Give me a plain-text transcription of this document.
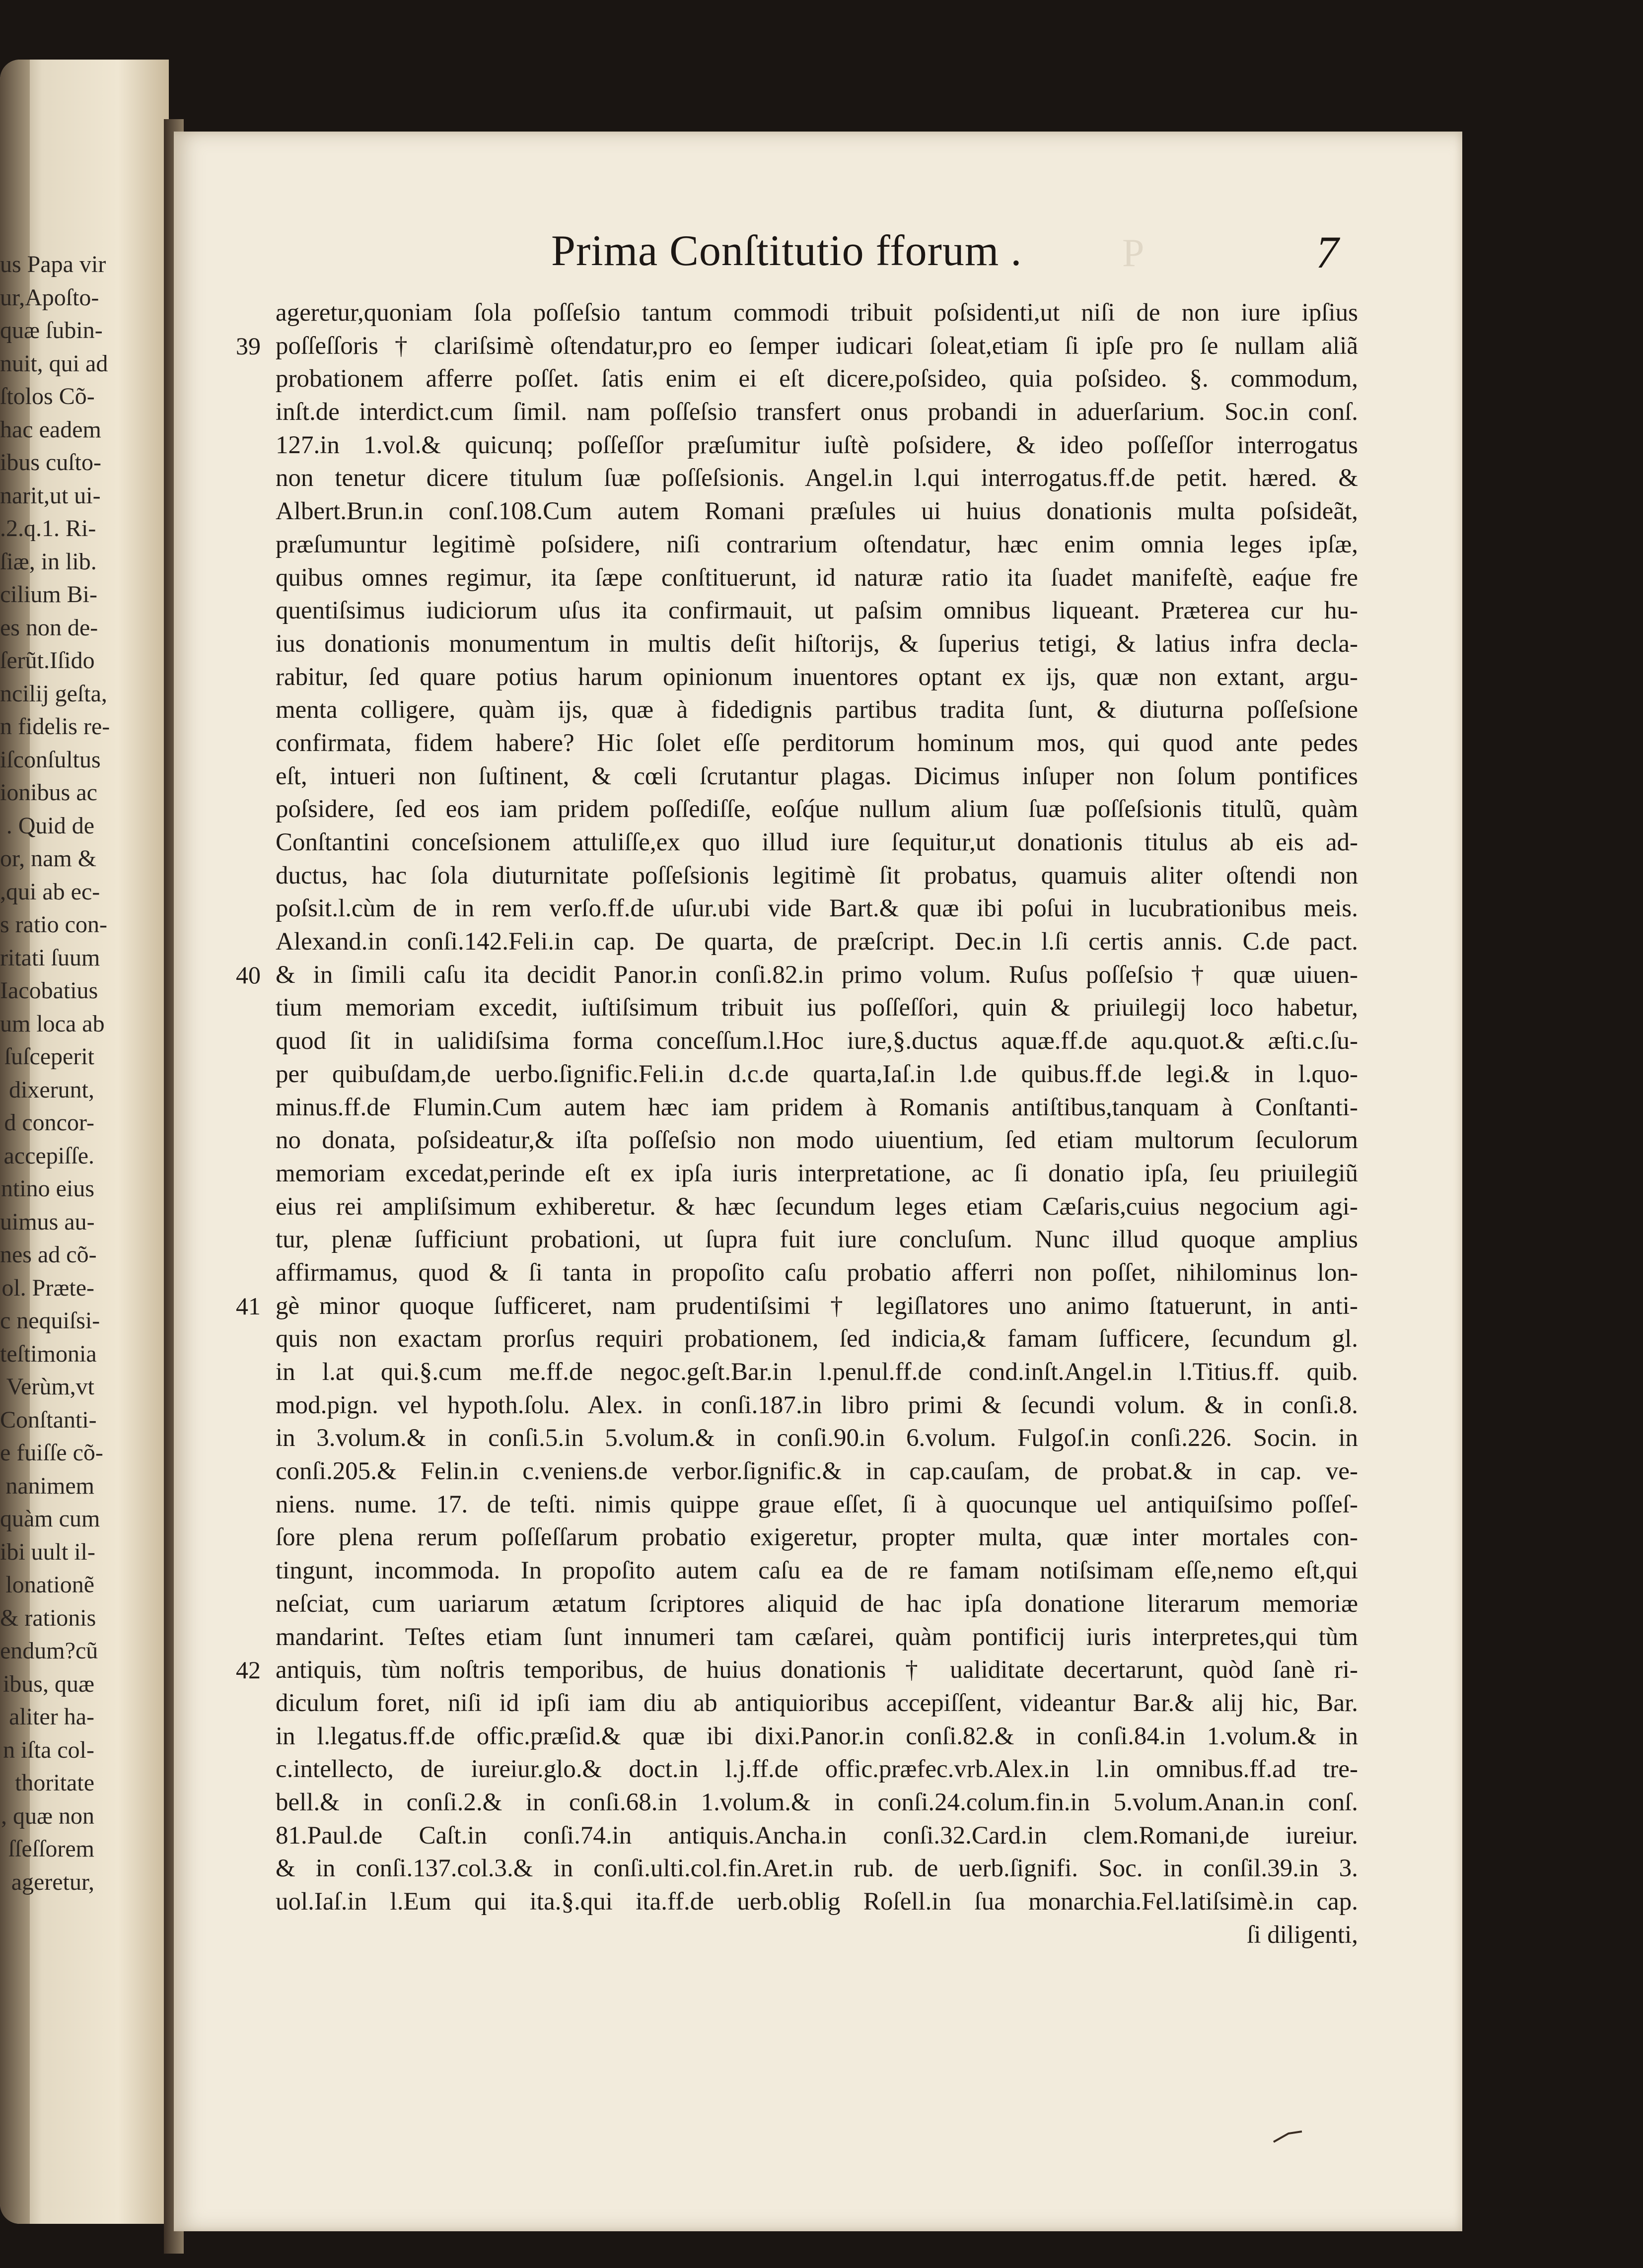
us Papa vir
ur,Apoſto-
quæ ſubin-
nuit, qui ad
ſtolos Cõ-
hac eadem
ibus cuſto-
narit,ut ui-
.2.q.1. Ri-
ſiæ, in lib.
cilium Bi-
es non de-
ſerũt.Iſido
ncilij geſta,
n fidelis re-
iſconſultus
ionibus ac
. Quid de
or, nam &
,qui ab ec-
s ratio con-
ritati ſuum
Iacobatius
um loca ab
ſuſceperit
dixerunt,
d concor-
accepiſſe.
ntino eius
uimus au-
nes ad cõ-
ol. Præte-
c nequiſsi-
teſtimonia
Verùm,vt
Conſtanti-
e fuiſſe cõ-
nanimem
quàm cum
ibi uult il-
lonationẽ
& rationis
endum?cũ
ibus, quæ
aliter ha-
n iſta col-
thoritate
, quæ non
ſſeſſorem
ageretur,
Prima Conſtitutio fforum .	P	7
ageretur,quoniam ſola poſſeſsio tantum commodi tribuit poſsidenti,ut niſi de non iure ipſius
39 poſſeſſoris † clariſsimè oſtendatur,pro eo ſemper iudicari ſoleat,etiam ſi ipſe pro ſe nullam aliã
probationem afferre poſſet. ſatis enim ei eſt dicere,poſsideo, quia poſsideo. §. commodum,
inſt.de interdict.cum ſimil. nam poſſeſsio transfert onus probandi in aduerſarium. Soc.in conſ.
127.in 1.vol.& quicunq; poſſeſſor præſumitur iuſtè poſsidere, & ideo poſſeſſor interrogatus
non tenetur dicere titulum ſuæ poſſeſsionis. Angel.in l.qui interrogatus.ff.de petit. hæred. &
Albert.Brun.in conſ.108.Cum autem Romani præſules ui huius donationis multa poſsideãt,
præſumuntur legitimè poſsidere, niſi contrarium oſtendatur, hæc enim omnia leges ipſæ,
quibus omnes regimur, ita ſæpe conſtituerunt, id naturæ ratio ita ſuadet manifeſtè, eaq́ue fre
quentiſsimus iudiciorum uſus ita confirmauit, ut paſsim omnibus liqueant. Præterea cur hu-
ius donationis monumentum in multis deſit hiſtorijs, & ſuperius tetigi, & latius infra decla-
rabitur, ſed quare potius harum opinionum inuentores optant ex ijs, quæ non extant, argu-
menta colligere, quàm ijs, quæ à fidedignis partibus tradita ſunt, & diuturna poſſeſsione
confirmata, fidem habere? Hic ſolet eſſe perditorum hominum mos, qui quod ante pedes
eſt, intueri non ſuſtinent, & cœli ſcrutantur plagas. Dicimus inſuper non ſolum pontifices
poſsidere, ſed eos iam pridem poſſediſſe, eoſq́ue nullum alium ſuæ poſſeſsionis titulũ, quàm
Conſtantini conceſsionem attuliſſe,ex quo illud iure ſequitur,ut donationis titulus ab eis ad-
ductus, hac ſola diuturnitate poſſeſsionis legitimè ſit probatus, quamuis aliter oſtendi non
poſsit.l.cùm de in rem verſo.ff.de uſur.ubi vide Bart.& quæ ibi poſui in lucubrationibus meis.
Alexand.in conſi.142.Feli.in cap. De quarta, de præſcript. Dec.in l.ſi certis annis. C.de pact.
40 & in ſimili caſu ita decidit Panor.in conſi.82.in primo volum. Ruſus poſſeſsio † quæ uiuen-
tium memoriam excedit, iuſtiſsimum tribuit ius poſſeſſori, quin & priuilegij loco habetur,
quod ſit in ualidiſsima forma conceſſum.l.Hoc iure,§.ductus aquæ.ff.de aqu.quot.& æſti.c.ſu-
per quibuſdam,de uerbo.ſignific.Feli.in d.c.de quarta,Iaſ.in l.de quibus.ff.de legi.& in l.quo-
minus.ff.de Flumin.Cum autem hæc iam pridem à Romanis antiſtibus,tanquam à Conſtanti-
no donata, poſsideatur,& iſta poſſeſsio non modo uiuentium, ſed etiam multorum ſeculorum
memoriam excedat,perinde eſt ex ipſa iuris interpretatione, ac ſi donatio ipſa, ſeu priuilegiũ
eius rei ampliſsimum exhiberetur. & hæc ſecundum leges etiam Cæſaris,cuius negocium agi-
tur, plenæ ſufficiunt probationi, ut ſupra fuit iure concluſum. Nunc illud quoque amplius
affirmamus, quod & ſi tanta in propoſito caſu probatio afferri non poſſet, nihilominus lon-
41 gè minor quoque ſufficeret, nam prudentiſsimi † legiſlatores uno animo ſtatuerunt, in anti-
quis non exactam prorſus requiri probationem, ſed indicia,& famam ſufficere, ſecundum gl.
in l.at qui.§.cum me.ff.de negoc.geſt.Bar.in l.penul.ff.de cond.inſt.Angel.in l.Titius.ff. quib.
mod.pign. vel hypoth.ſolu. Alex. in conſi.187.in libro primi & ſecundi volum. & in conſi.8.
in 3.volum.& in conſi.5.in 5.volum.& in conſi.90.in 6.volum. Fulgoſ.in conſi.226. Socin. in
conſi.205.& Felin.in c.veniens.de verbor.ſignific.& in cap.cauſam, de probat.& in cap. ve-
niens. nume. 17. de teſti. nimis quippe graue eſſet, ſi à quocunque uel antiquiſsimo poſſeſ-
ſore plena rerum poſſeſſarum probatio exigeretur, propter multa, quæ inter mortales con-
tingunt, incommoda. In propoſito autem caſu ea de re famam notiſsimam eſſe,nemo eſt,qui
neſciat, cum uariarum ætatum ſcriptores aliquid de hac ipſa donatione literarum memoriæ
mandarint. Teſtes etiam ſunt innumeri tam cæſarei, quàm pontificij iuris interpretes,qui tùm
42 antiquis, tùm noſtris temporibus, de huius donationis † ualiditate decertarunt, quòd ſanè ri-
diculum foret, niſi id ipſi iam diu ab antiquioribus accepiſſent, videantur Bar.& alij hic, Bar.
in l.legatus.ff.de offic.præſid.& quæ ibi dixi.Panor.in conſi.82.& in conſi.84.in 1.volum.& in
c.intellecto, de iureiur.glo.& doct.in l.j.ff.de offic.præfec.vrb.Alex.in l.in omnibus.ff.ad tre-
bell.& in conſi.2.& in conſi.68.in 1.volum.& in conſi.24.colum.fin.in 5.volum.Anan.in conſ.
81.Paul.de Caſt.in conſi.74.in antiquis.Ancha.in conſi.32.Card.in clem.Romani,de iureiur.
& in conſi.137.col.3.& in conſi.ulti.col.fin.Aret.in rub. de uerb.ſignifi. Soc. in conſil.39.in 3.
uol.Iaſ.in l.Eum qui ita.§.qui ita.ff.de uerb.oblig Roſell.in ſua monarchia.Fel.latiſsimè.in cap.
ſi diligenti,
